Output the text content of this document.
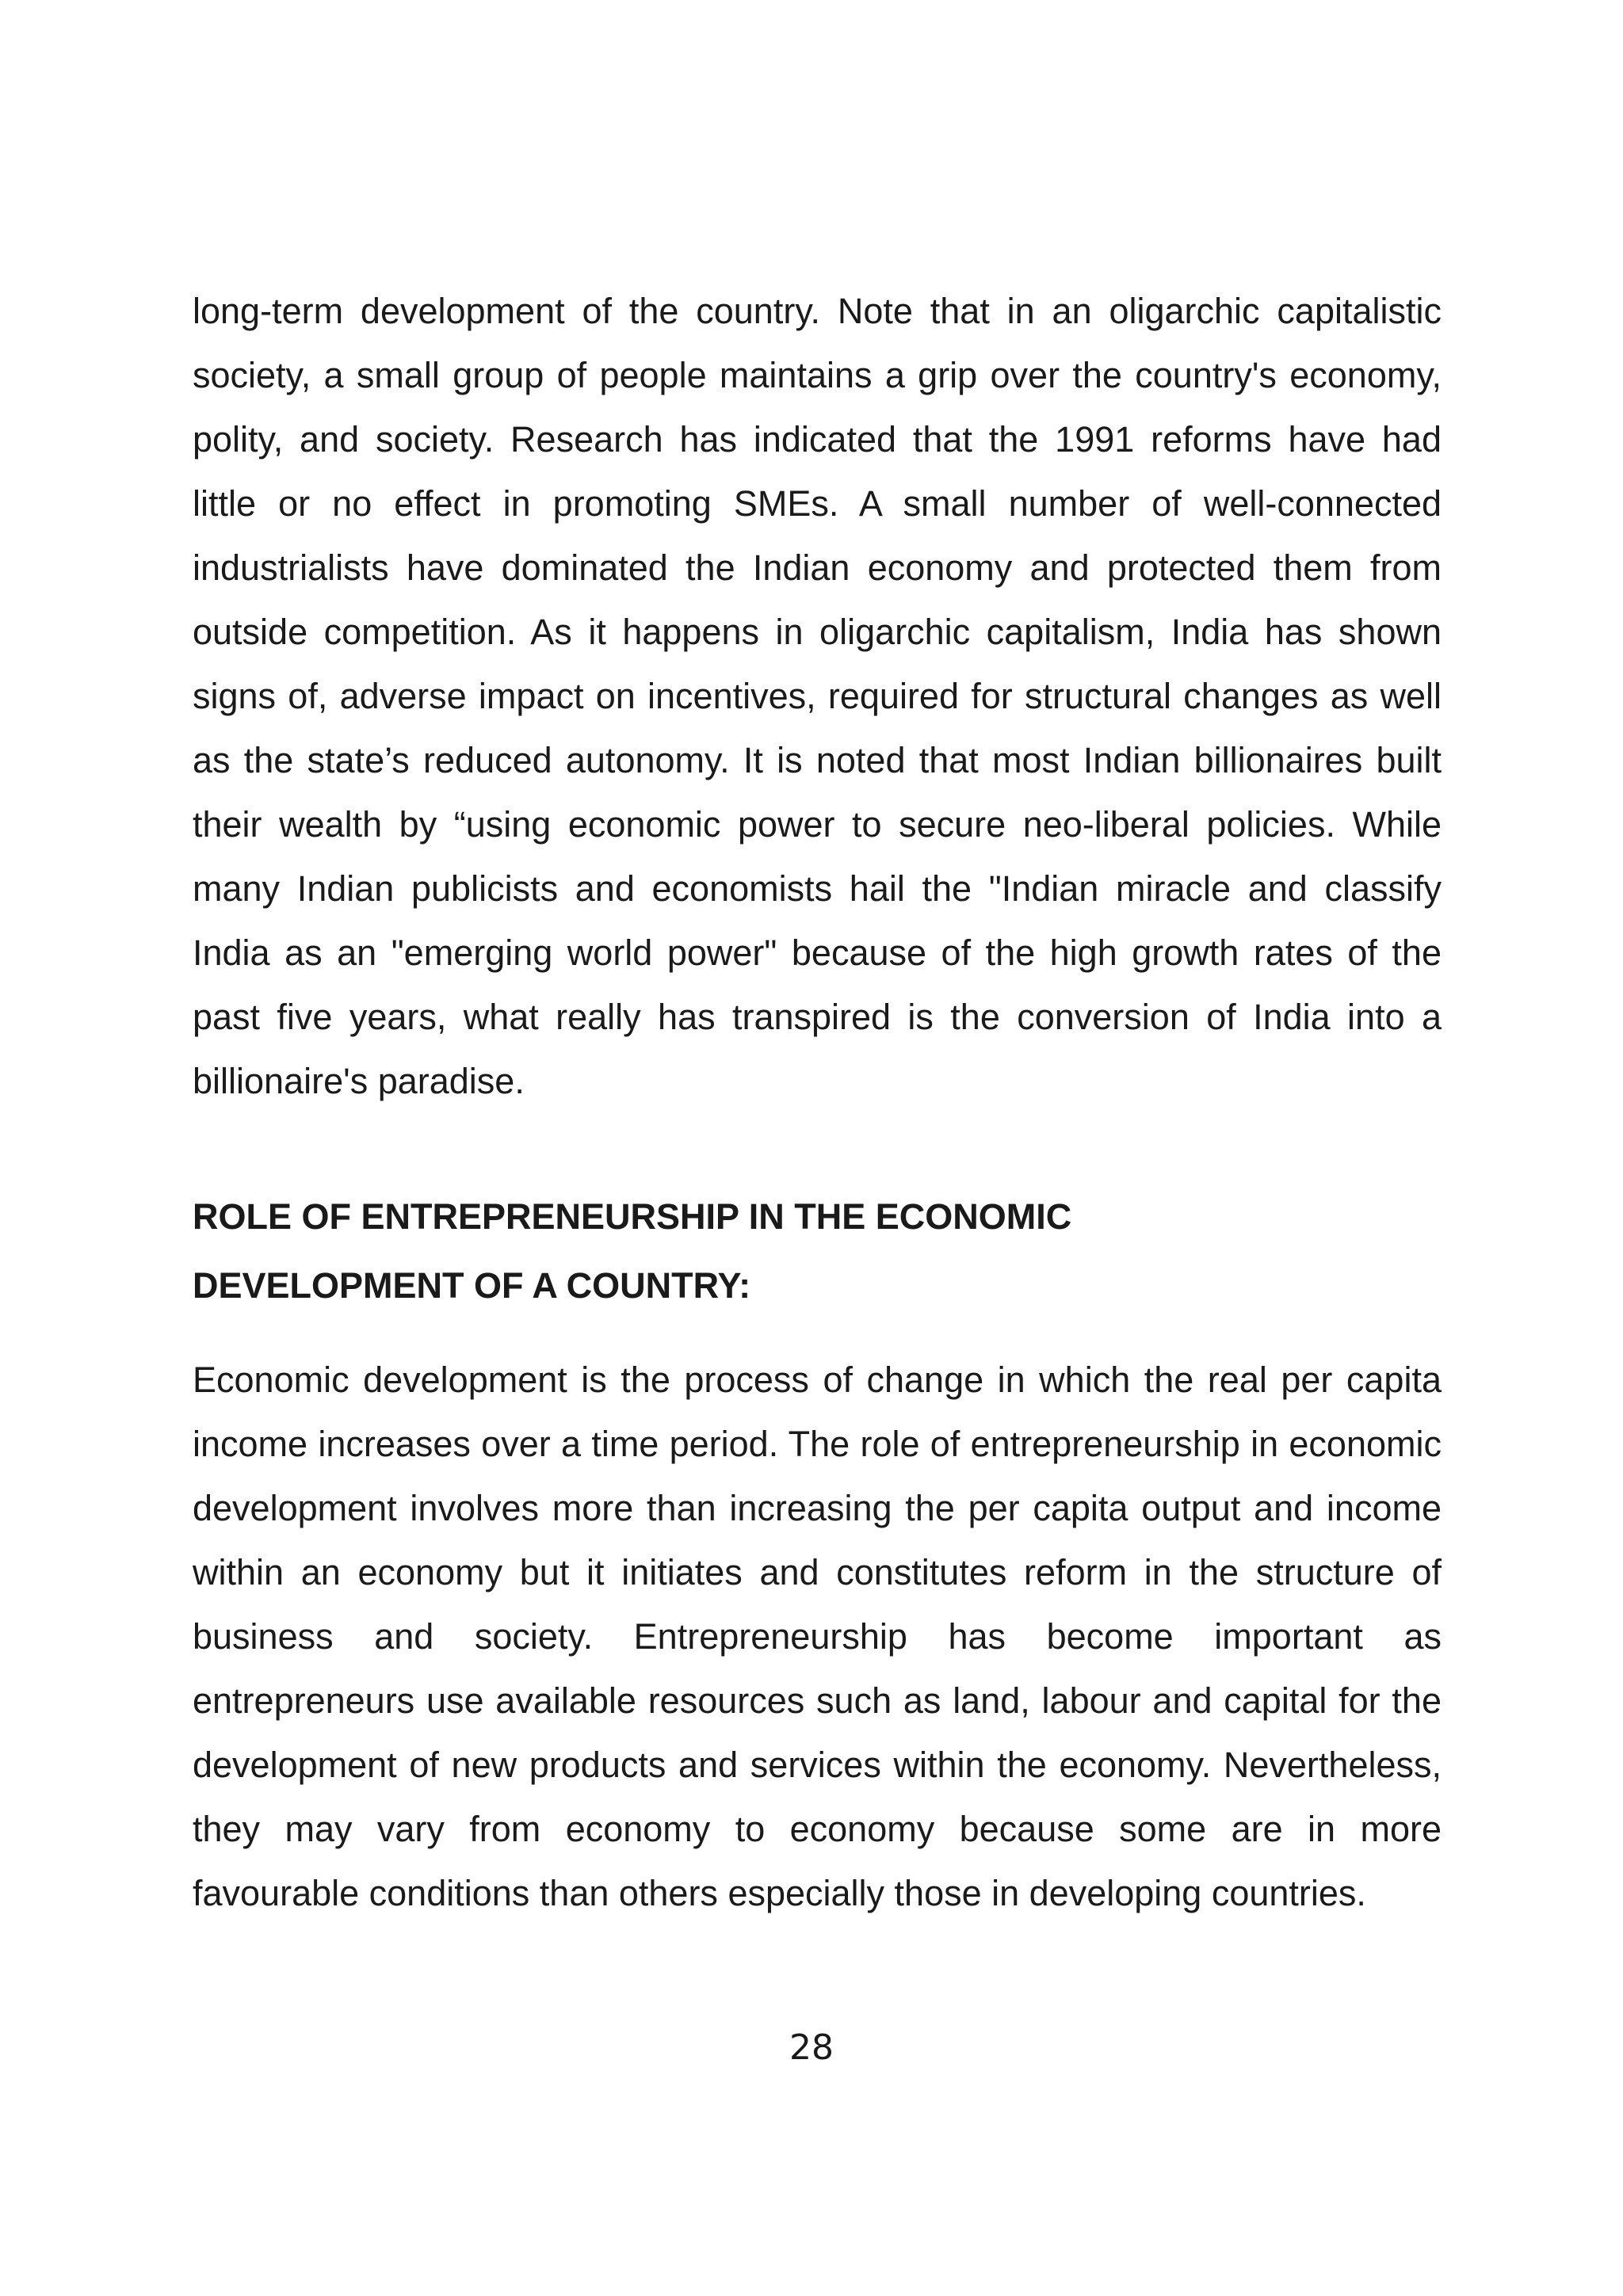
long-term development of the country. Note that in an oligarchic capitalistic society, a small group of people maintains a grip over the country's economy, polity, and society. Research has indicated that the 1991 reforms have had little or no effect in promoting SMEs. A small number of well-connected industrialists have dominated the Indian economy and protected them from outside competition. As it happens in oligarchic capitalism, India has shown signs of, adverse impact on incentives, required for structural changes as well as the state’s reduced autonomy. It is noted that most Indian billionaires built their wealth by “using economic power to secure neo-liberal policies. While many Indian publicists and economists hail the "Indian miracle and classify India as an "emerging world power" because of the high growth rates of the past five years, what really has transpired is the conversion of India into a billionaire's paradise.

ROLE OF ENTREPRENEURSHIP IN THE ECONOMIC
DEVELOPMENT OF A COUNTRY:

Economic development is the process of change in which the real per capita income increases over a time period. The role of entrepreneurship in economic development involves more than increasing the per capita output and income within an economy but it initiates and constitutes reform in the structure of business and society. Entrepreneurship has become important as entrepreneurs use available resources such as land, labour and capital for the development of new products and services within the economy. Nevertheless, they may vary from economy to economy because some are in more favourable conditions than others especially those in developing countries.

28
